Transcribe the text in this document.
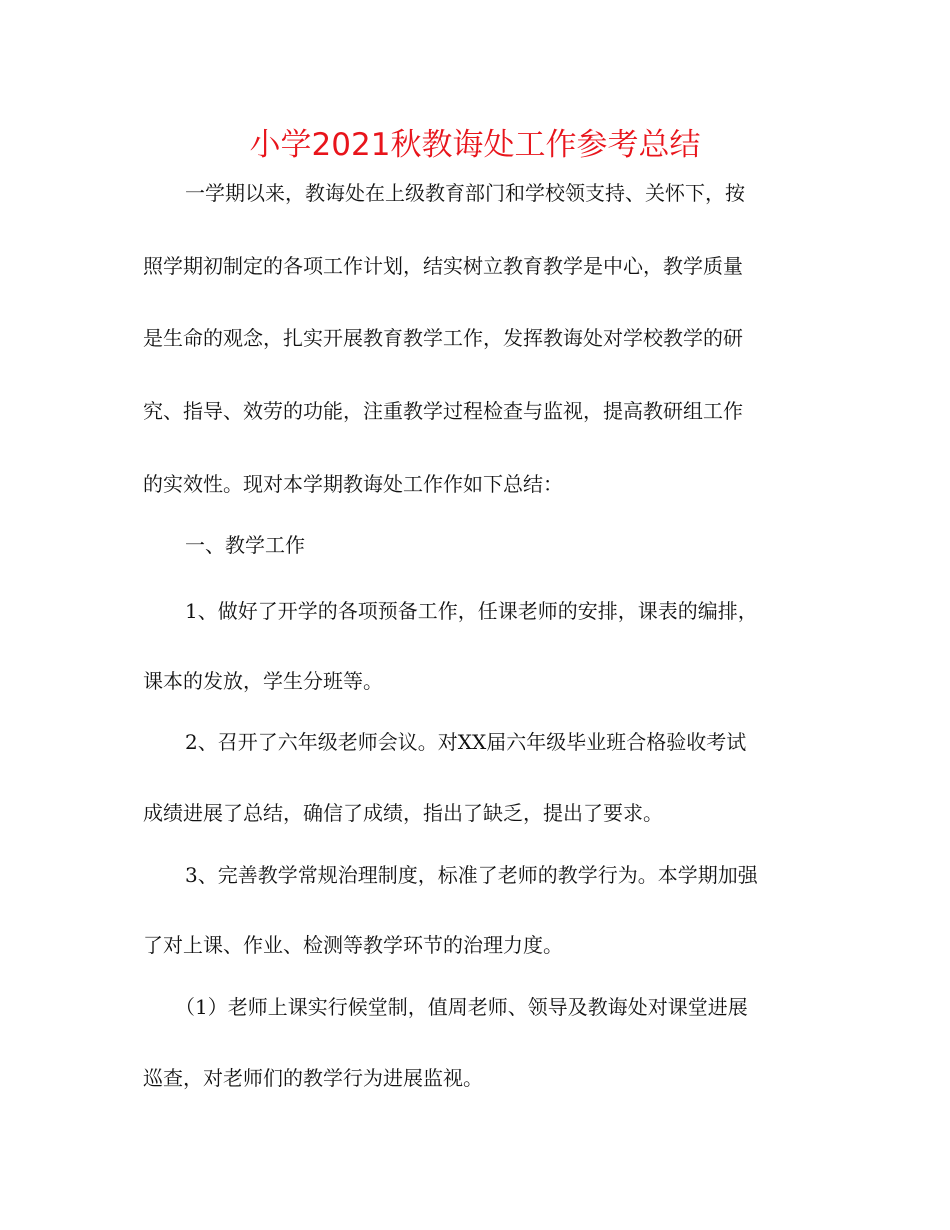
小学2021秋教诲处工作参考总结

一学期以来，教诲处在上级教育部门和学校领支持、关怀下，按

照学期初制定的各项工作计划，结实树立教育教学是中心，教学质量

是生命的观念，扎实开展教育教学工作，发挥教诲处对学校教学的研

究、指导、效劳的功能，注重教学过程检查与监视，提高教研组工作

的实效性。现对本学期教诲处工作作如下总结：

一、教学工作

1、做好了开学的各项预备工作，任课老师的安排，课表的编排，

课本的发放，学生分班等。

2、召开了六年级老师会议。对XX届六年级毕业班合格验收考试

成绩进展了总结，确信了成绩，指出了缺乏，提出了要求。

3、完善教学常规治理制度，标准了老师的教学行为。本学期加强

了对上课、作业、检测等教学环节的治理力度。

（1）老师上课实行候堂制，值周老师、领导及教诲处对课堂进展

巡查，对老师们的教学行为进展监视。
